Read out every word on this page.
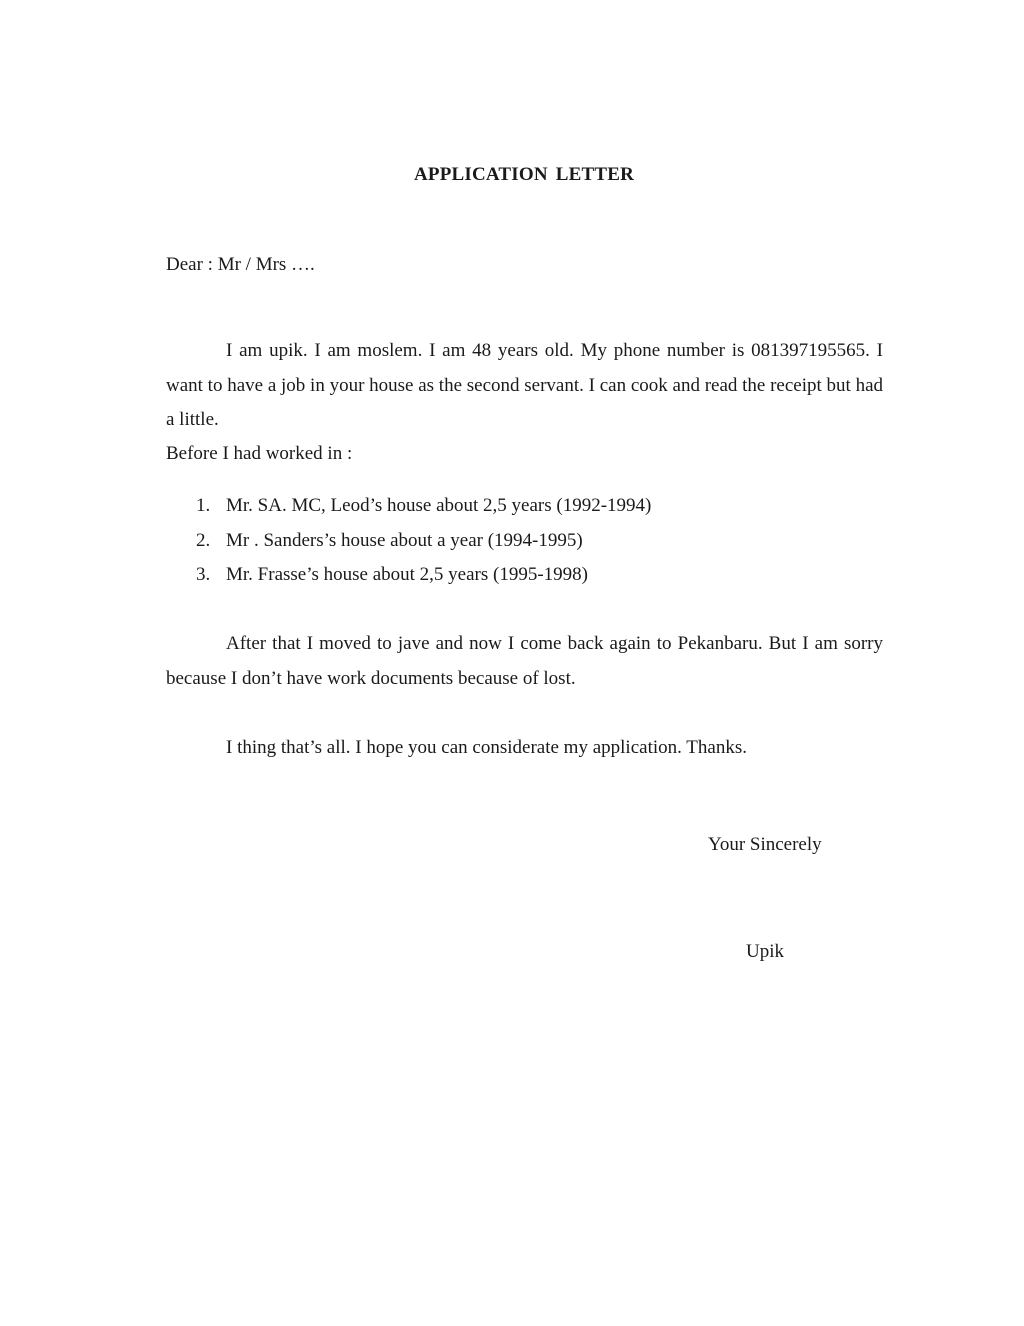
APPLICATION LETTER
Dear : Mr / Mrs ….
I am upik. I am moslem. I am 48 years old. My phone number is 081397195565. I want to have a job in your house as the second servant. I can cook and read the receipt but had a little.
Before I had worked in :
1. Mr. SA. MC, Leod’s house about 2,5 years (1992-1994)
2. Mr . Sanders’s house about a year (1994-1995)
3. Mr. Frasse’s house about 2,5 years (1995-1998)
After that I moved to jave and now I come back again to Pekanbaru. But I am sorry because I don’t have work documents because of lost.
I thing that’s all. I hope you can considerate my application. Thanks.
Your Sincerely
Upik
